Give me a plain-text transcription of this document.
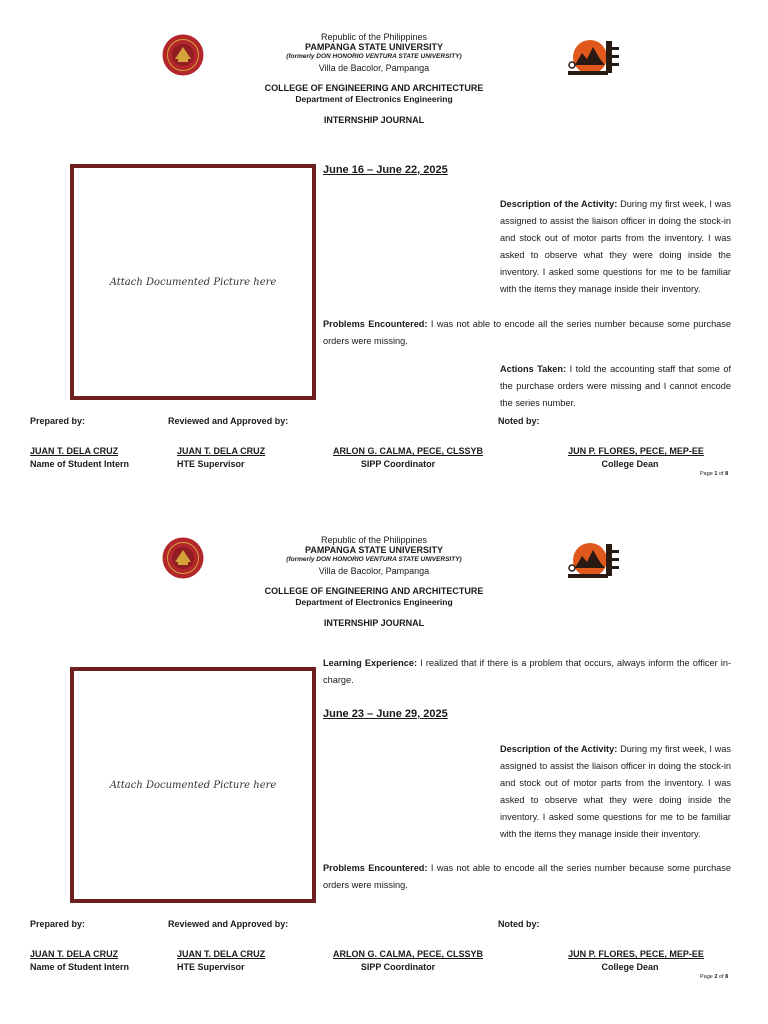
Republic of the Philippines
PAMPANGA STATE UNIVERSITY
(formerly DON HONORIO VENTURA STATE UNIVERSITY)
Villa de Bacolor, Pampanga
COLLEGE OF ENGINEERING AND ARCHITECTURE
Department of Electronics Engineering
INTERNSHIP JOURNAL
Attach Documented Picture here
June 16 – June 22, 2025
Description of the Activity: During my first week, I was assigned to assist the liaison officer in doing the stock-in and stock out of motor parts from the inventory. I was asked to observe what they were doing inside the inventory. I asked some questions for me to be familiar with the items they manage inside their inventory.
Problems Encountered: I was not able to encode all the series number because some purchase orders were missing.
Actions Taken: I told the accounting staff that some of the purchase orders were missing and I cannot encode the series number.
Prepared by:	Reviewed and Approved by:	Noted by:
JUAN T. DELA CRUZ
Name of Student Intern
JUAN T. DELA CRUZ
HTE Supervisor
ARLON G. CALMA, PECE, CLSSYB
SIPP Coordinator
JUN P. FLORES, PECE, MEP-EE
College Dean
Page 1 of 8
Republic of the Philippines
PAMPANGA STATE UNIVERSITY
(formerly DON HONORIO VENTURA STATE UNIVERSITY)
Villa de Bacolor, Pampanga
COLLEGE OF ENGINEERING AND ARCHITECTURE
Department of Electronics Engineering
INTERNSHIP JOURNAL
Learning Experience: I realized that if there is a problem that occurs, always inform the officer in-charge.
Attach Documented Picture here
June 23 – June 29, 2025
Description of the Activity: During my first week, I was assigned to assist the liaison officer in doing the stock-in and stock out of motor parts from the inventory. I was asked to observe what they were doing inside the inventory. I asked some questions for me to be familiar with the items they manage inside their inventory.
Problems Encountered: I was not able to encode all the series number because some purchase orders were missing.
Prepared by:	Reviewed and Approved by:	Noted by:
JUAN T. DELA CRUZ
Name of Student Intern
JUAN T. DELA CRUZ
HTE Supervisor
ARLON G. CALMA, PECE, CLSSYB
SIPP Coordinator
JUN P. FLORES, PECE, MEP-EE
College Dean
Page 2 of 8
